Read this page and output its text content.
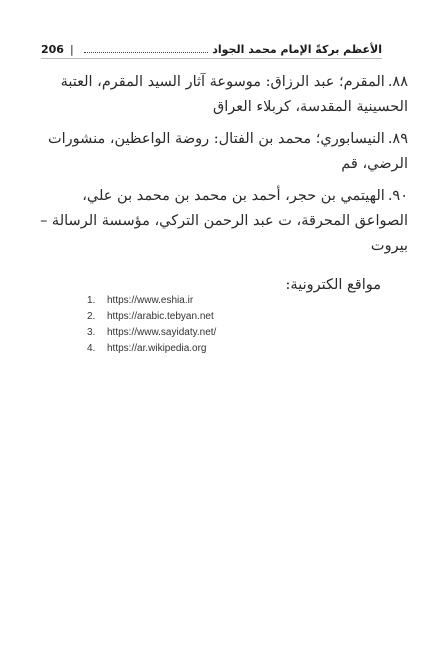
206 |	الأعظم بركةً الإمام محمد الجواد

٨٨.المقرم؛ عبد الرزاق: موسوعة آثار السيد المقرم، العتبة الحسينية المقدسة، كربلاء العراق

٨٩.النيسابوري؛ محمد بن الفتال: روضة الواعظين، منشورات الرضي، قم

٩٠.الهيتمي بن حجر، أحمد بن محمد بن محمد بن علي، الصواعق المحرقة، ت عبد الرحمن التركي، مؤسسة الرسالة – بيروت

مواقع الكترونية:
1.	https://www.eshia.ir
2.	https://arabic.tebyan.net
3.	https://www.sayidaty.net/
4.	https://ar.wikipedia.org
